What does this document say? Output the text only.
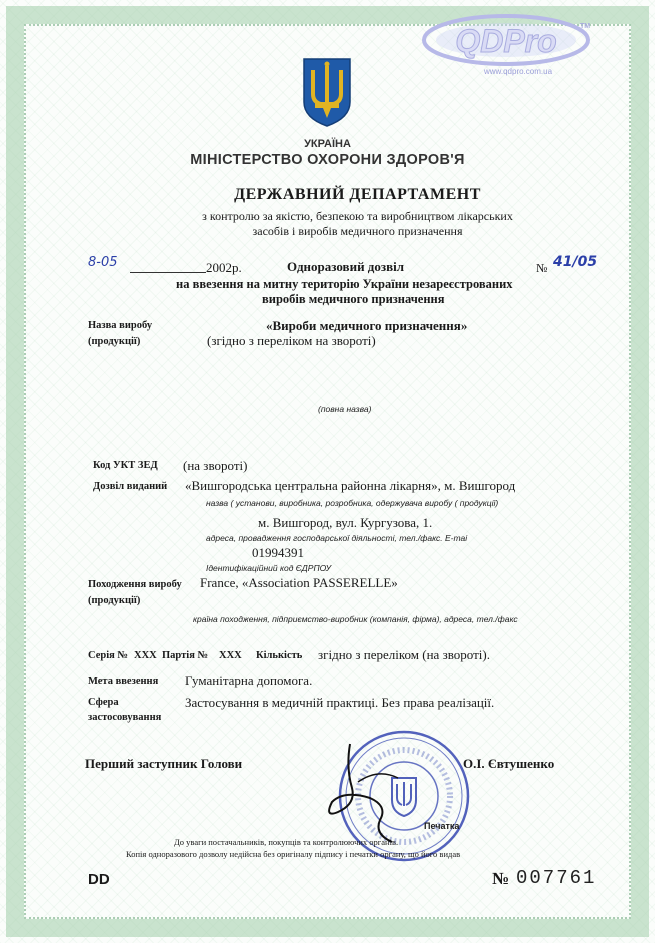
QDPro	TM
www.qdpro.com.ua
УКРАЇНА
МІНІСТЕРСТВО ОХОРОНИ ЗДОРОВ'Я
ДЕРЖАВНИЙ ДЕПАРТАМЕНТ
з контролю за якістю, безпекою та виробництвом лікарських
засобів і виробів медичного призначення
8-05	2002р.	Одноразовий дозвіл	№ 41/05
на ввезення на митну територію України незареєстрованих
виробів медичного призначення
Назва виробу
(продукції)
«Вироби медичного призначення»
(згідно з переліком на звороті)
(повна назва)
Код УКТ ЗЕД (на звороті)
Дозвіл виданий «Вишгородська центральна районна лікарня», м. Вишгород
назва ( установи, виробника, розробника, одержувача виробу ( продукції)
м. Вишгород, вул. Кургузова, 1.
адреса, провадження господарської діяльності, тел./факс. E-mai
01994391
Ідентифікаційний код ЄДРПОУ
Походження виробу France, «Association PASSERELLE»
(продукції)
країна походження, підприємство-виробник (компанія, фірма), адреса, тел./факс
Серія № XXX Партія № XXX Кількість згідно з переліком (на звороті).
Мета ввезення Гуманітарна допомога.
Сфера
застосовування
Застосування в медичній практиці. Без права реалізації.
Перший заступник Голови	О.І. Євтушенко
Печатка
До уваги постачальників, покупців та контролюючих органів.
Копія одноразового дозволу недійсна без оригіналу підпису і печатки органу, що його видав
DD	№ 007761
